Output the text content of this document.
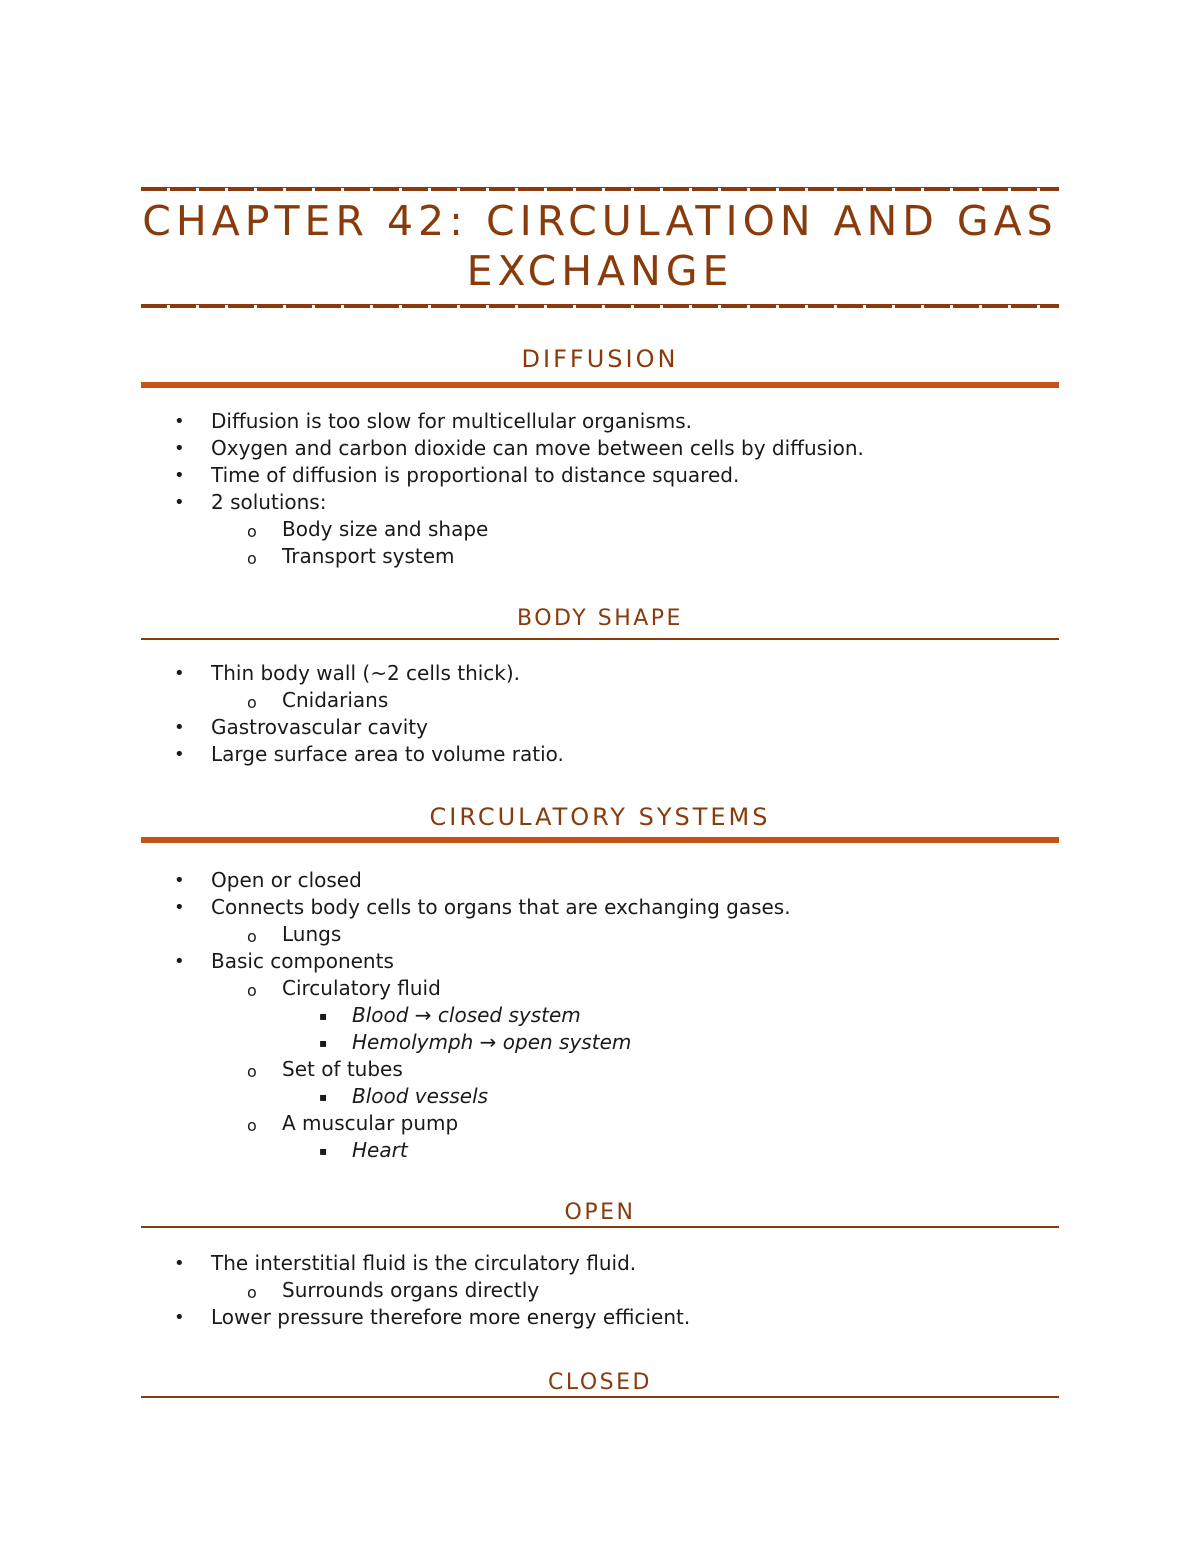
CHAPTER 42: CIRCULATION AND GAS EXCHANGE
DIFFUSION
• Diffusion is too slow for multicellular organisms.
• Oxygen and carbon dioxide can move between cells by diffusion.
• Time of diffusion is proportional to distance squared.
• 2 solutions:
o Body size and shape
o Transport system
BODY SHAPE
• Thin body wall (~2 cells thick).
o Cnidarians
• Gastrovascular cavity
• Large surface area to volume ratio.
CIRCULATORY SYSTEMS
• Open or closed
• Connects body cells to organs that are exchanging gases.
o Lungs
• Basic components
o Circulatory fluid
▪ Blood → closed system
▪ Hemolymph → open system
o Set of tubes
▪ Blood vessels
o A muscular pump
▪ Heart
OPEN
• The interstitial fluid is the circulatory fluid.
o Surrounds organs directly
• Lower pressure therefore more energy efficient.
CLOSED
